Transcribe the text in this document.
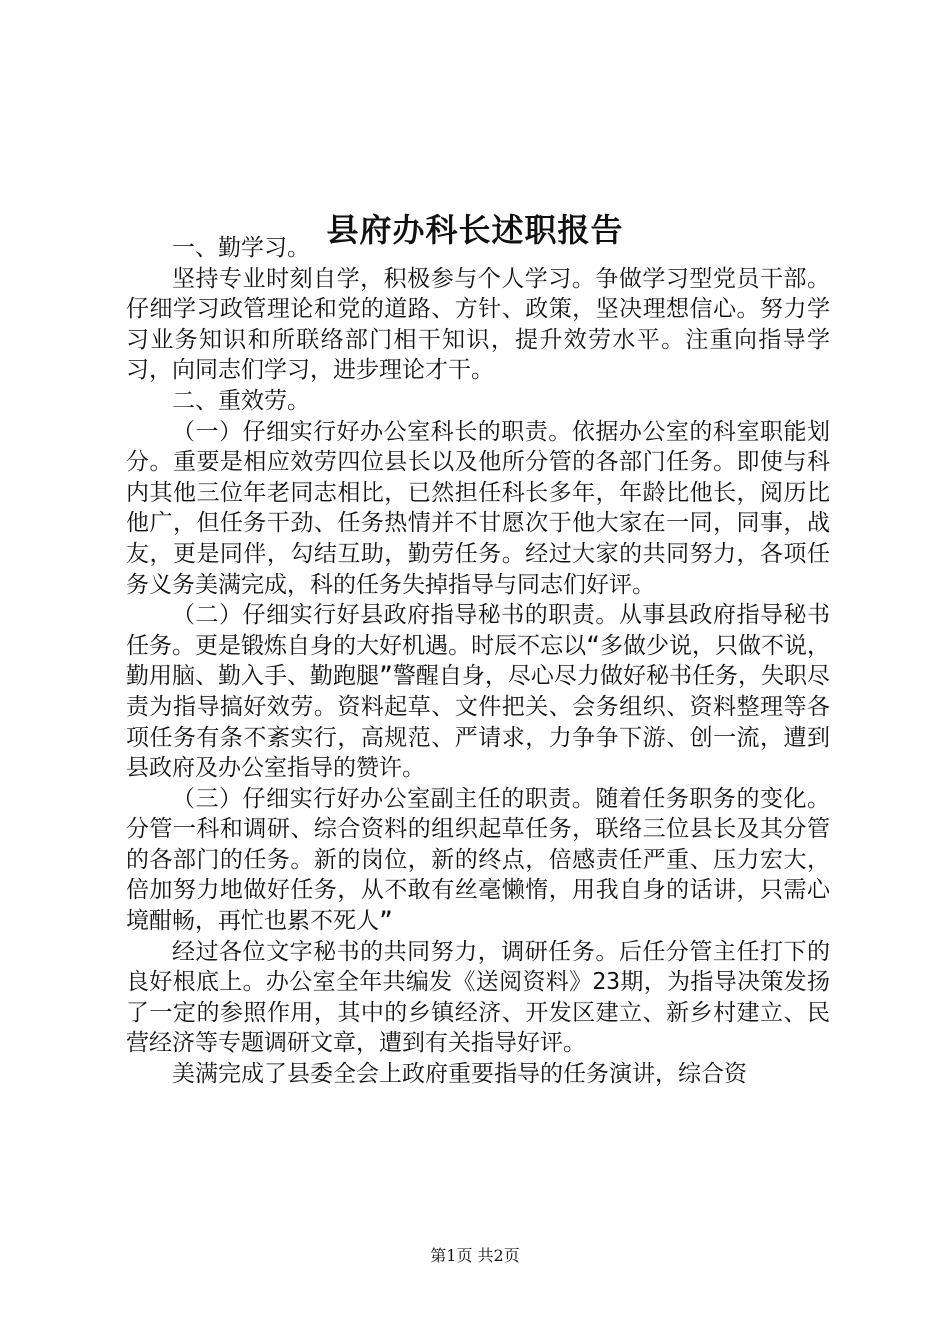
县府办科长述职报告

一、勤学习。

坚持专业时刻自学，积极参与个人学习。争做学习型党员干部。仔细学习政管理论和党的道路、方针、政策，坚决理想信心。努力学习业务知识和所联络部门相干知识，提升效劳水平。注重向指导学习，向同志们学习，进步理论才干。

二、重效劳。

（一）仔细实行好办公室科长的职责。依据办公室的科室职能划分。重要是相应效劳四位县长以及他所分管的各部门任务。即使与科内其他三位年老同志相比，已然担任科长多年，年龄比他长，阅历比他广，但任务干劲、任务热情并不甘愿次于他大家在一同，同事，战友，更是同伴，勾结互助，勤劳任务。经过大家的共同努力，各项任务义务美满完成，科的任务失掉指导与同志们好评。

（二）仔细实行好县政府指导秘书的职责。从事县政府指导秘书任务。更是锻炼自身的大好机遇。时辰不忘以“多做少说，只做不说，勤用脑、勤入手、勤跑腿”警醒自身，尽心尽力做好秘书任务，失职尽责为指导搞好效劳。资料起草、文件把关、会务组织、资料整理等各项任务有条不紊实行，高规范、严请求，力争争下游、创一流，遭到县政府及办公室指导的赞许。

（三）仔细实行好办公室副主任的职责。随着任务职务的变化。分管一科和调研、综合资料的组织起草任务，联络三位县长及其分管的各部门的任务。新的岗位，新的终点，倍感责任严重、压力宏大，倍加努力地做好任务，从不敢有丝毫懒惰，用我自身的话讲，只需心境酣畅，再忙也累不死人”

经过各位文字秘书的共同努力，调研任务。后任分管主任打下的良好根底上。办公室全年共编发《送阅资料》23期，为指导决策发扬了一定的参照作用，其中的乡镇经济、开发区建立、新乡村建立、民营经济等专题调研文章，遭到有关指导好评。

美满完成了县委全会上政府重要指导的任务演讲，综合资

第1页 共2页
